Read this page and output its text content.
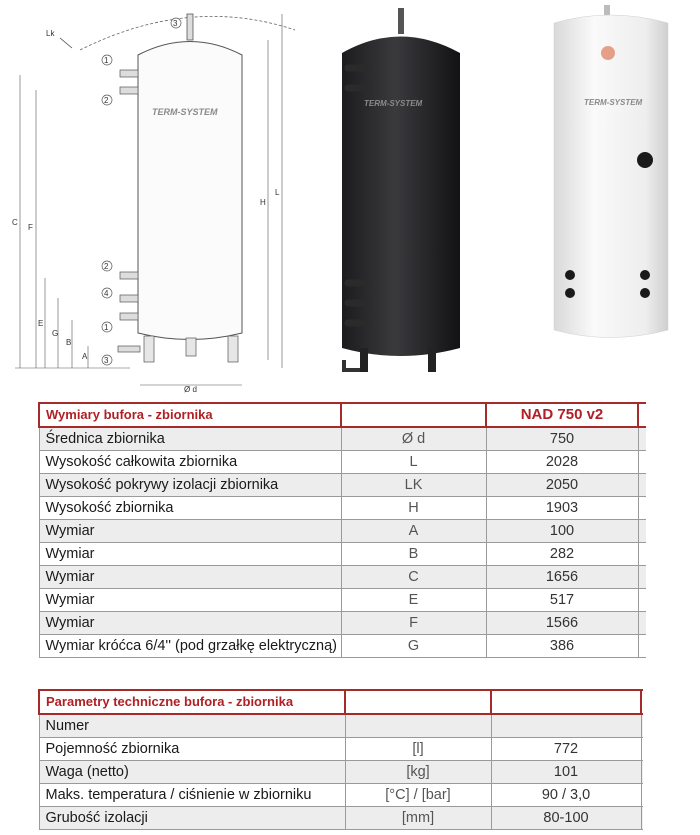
Lk
3
1
2
2
4
1
3
C
F
E
G
B
A
H
L
Ø d
TERM-SYSTEM
TERM-SYSTEM	TERM-SYSTEM
Wymiary bufora - zbiornika		NAD 750 v2	
Średnica zbiornika	Ø d	750	
Wysokość całkowita zbiornika	L	2028	
Wysokość pokrywy izolacji zbiornika	LK	2050	
Wysokość zbiornika	H	1903	
Wymiar	A	100	
Wymiar	B	282	
Wymiar	C	1656	
Wymiar	E	517	
Wymiar	F	1566	
Wymiar króćca 6/4'' (pod grzałkę elektryczną)	G	386	
Parametry techniczne bufora - zbiornika			
Numer			
Pojemność zbiornika	[l]	772	
Waga (netto)	[kg]	101	
Maks. temperatura / ciśnienie w zbiorniku	[°C] / [bar]	90 / 3,0	
Grubość izolacji	[mm]	80-100	
